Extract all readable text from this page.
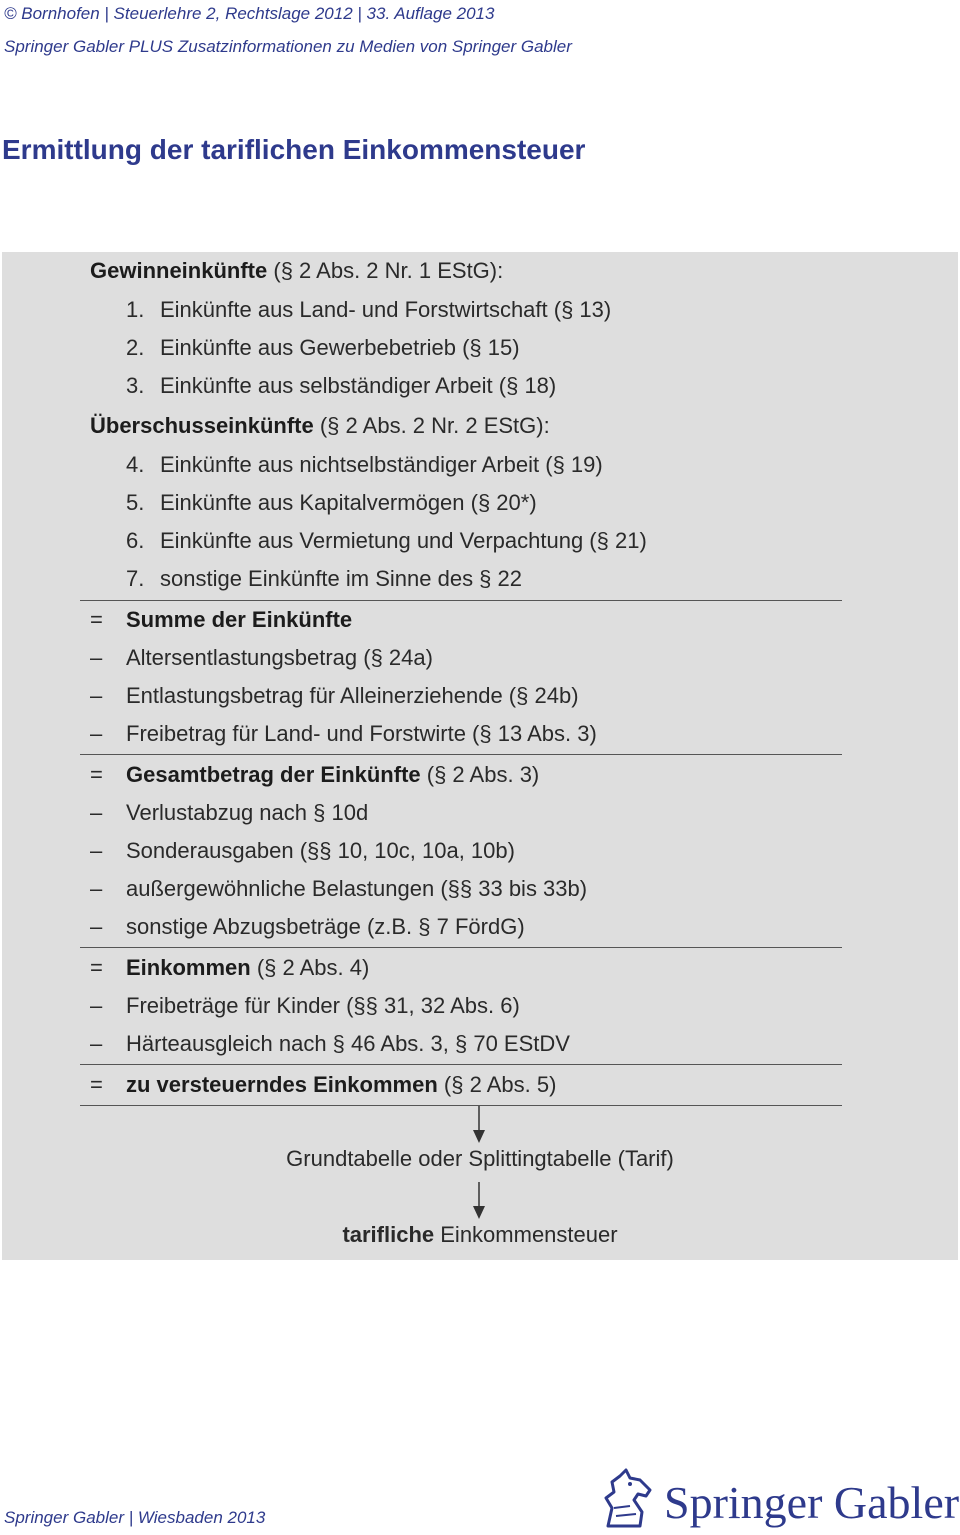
© Bornhofen | Steuerlehre 2, Rechtslage 2012 | 33. Auflage 2013
Springer Gabler PLUS Zusatzinformationen zu Medien von Springer Gabler
Ermittlung der tariflichen Einkommensteuer
Gewinneinkünfte (§ 2 Abs. 2 Nr. 1 EStG):
1. Einkünfte aus Land- und Forstwirtschaft (§ 13)
2. Einkünfte aus Gewerbebetrieb (§ 15)
3. Einkünfte aus selbständiger Arbeit (§ 18)
Überschusseinkünfte (§ 2 Abs. 2 Nr. 2 EStG):
4. Einkünfte aus nichtselbständiger Arbeit (§ 19)
5. Einkünfte aus Kapitalvermögen (§ 20*)
6. Einkünfte aus Vermietung und Verpachtung (§ 21)
7. sonstige Einkünfte im Sinne des § 22
= Summe der Einkünfte
– Altersentlastungsbetrag (§ 24a)
– Entlastungsbetrag für Alleinerziehende (§ 24b)
– Freibetrag für Land- und Forstwirte (§ 13 Abs. 3)
= Gesamtbetrag der Einkünfte (§ 2 Abs. 3)
– Verlustabzug nach § 10d
– Sonderausgaben (§§ 10, 10c, 10a, 10b)
– außergewöhnliche Belastungen (§§ 33 bis 33b)
– sonstige Abzugsbeträge (z.B. § 7 FördG)
= Einkommen (§ 2 Abs. 4)
– Freibeträge für Kinder (§§ 31, 32 Abs. 6)
– Härteausgleich nach § 46 Abs. 3, § 70 EStDV
= zu versteuerndes Einkommen (§ 2 Abs. 5)
Grundtabelle oder Splittingtabelle (Tarif)
tarifliche Einkommensteuer
Springer Gabler | Wiesbaden 2013	Springer Gabler
